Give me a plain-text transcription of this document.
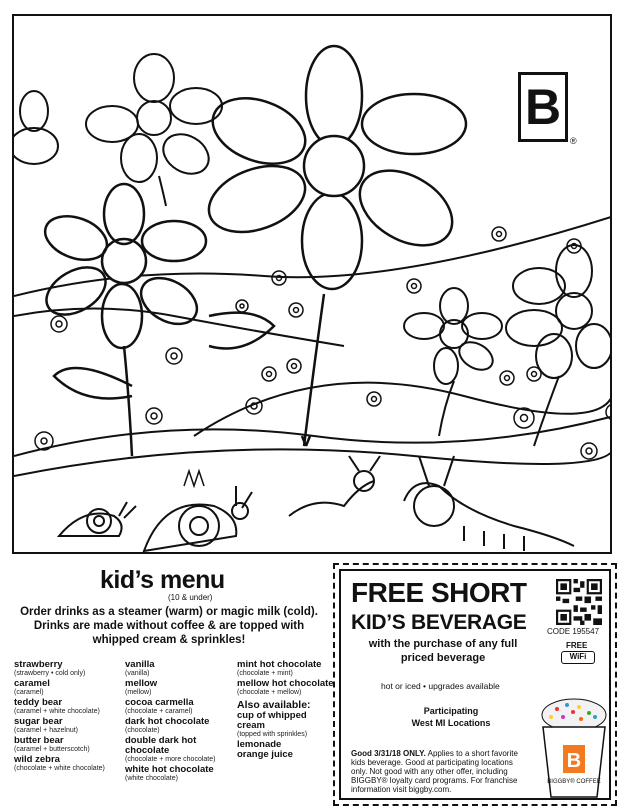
B
®
kid’s menu
(10 & under)
Order drinks as a steamer (warm) or magic milk (cold). Drinks are made without coffee & are topped with whipped cream & sprinkles!
strawberry
(strawberry • cold only)
caramel
(caramel)
teddy bear
(caramel + white chocolate)
sugar bear
(caramel + hazelnut)
butter bear
(caramel + butterscotch)
wild zebra
(chocolate + white chocolate)
vanilla
(vanilla)
mellow
(mellow)
cocoa carmella
(chocolate + caramel)
dark hot chocolate
(chocolate)
double dark hot chocolate
(chocolate + more chocolate)
white hot chocolate
(white chocolate)
mint hot chocolate
(chocolate + mint)
mellow hot chocolate
(chocolate + mellow)
Also available:
cup of whipped cream
(topped with sprinkles)
lemonade
orange juice
FREE SHORT
KID’S BEVERAGE
with the purchase of any full priced beverage
CODE 195547
FREE
WiFi
hot or iced • upgrades available
Participating
West MI Locations
Good 3/31/18 ONLY. Applies to a short favorite kids beverage. Good at participating locations only. Not good with any other offer, including BIGGBY® loyalty card programs. For franchise information visit biggby.com.
B
BIGGBY® COFFEE
